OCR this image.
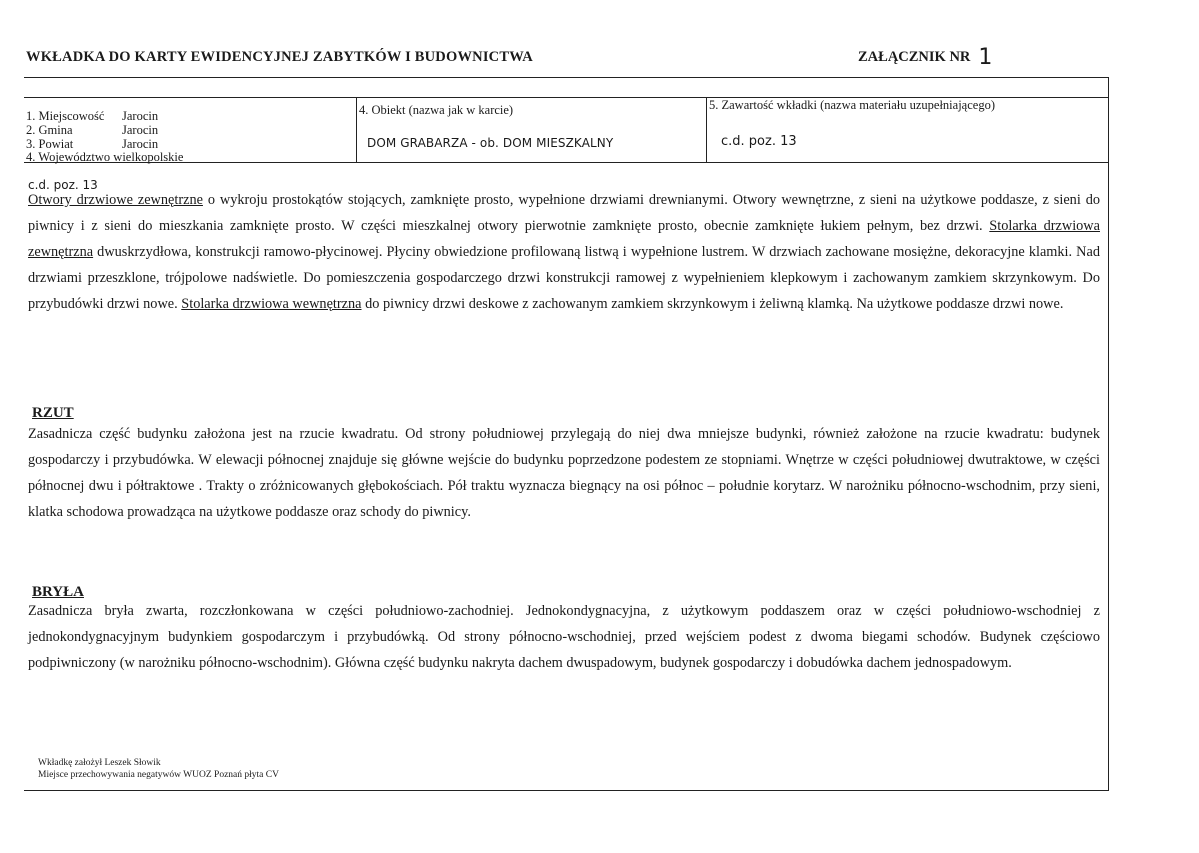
WKŁADKA DO KARTY EWIDENCYJNEJ ZABYTKÓW I BUDOWNICTWA	ZAŁĄCZNIK NR 1
1. Miejscowość Jarocin
2. Gmina	Jarocin
3. Powiat	Jarocin
4. Województwo wielkopolskie
4. Obiekt (nazwa jak w karcie)
DOM GRABARZA - ob. DOM MIESZKALNY
5. Zawartość wkładki (nazwa materiału uzupełniającego)
c.d. poz. 13
c.d. poz. 13
Otwory drzwiowe zewnętrzne o wykroju prostokątów stojących, zamknięte prosto, wypełnione drzwiami drewnianymi. Otwory wewnętrzne, z sieni na użytkowe poddasze, z sieni do piwnicy i z sieni do mieszkania zamknięte prosto. W części mieszkalnej otwory pierwotnie zamknięte prosto, obecnie zamknięte łukiem pełnym, bez drzwi. Stolarka drzwiowa zewnętrzna dwuskrzydłowa, konstrukcji ramowo-płycinowej. Płyciny obwiedzione profilowaną listwą i wypełnione lustrem. W drzwiach zachowane mosiężne, dekoracyjne klamki. Nad drzwiami przeszklone, trójpolowe nadświetle. Do pomieszczenia gospodarczego drzwi konstrukcji ramowej z wypełnieniem klepkowym i zachowanym zamkiem skrzynkowym. Do przybudówki drzwi nowe. Stolarka drzwiowa wewnętrzna do piwnicy drzwi deskowe z zachowanym zamkiem skrzynkowym i żeliwną klamką. Na użytkowe poddasze drzwi nowe.
RZUT
Zasadnicza część budynku założona jest na rzucie kwadratu. Od strony południowej przylegają do niej dwa mniejsze budynki, również założone na rzucie kwadratu: budynek gospodarczy i przybudówka. W elewacji północnej znajduje się główne wejście do budynku poprzedzone podestem ze stopniami. Wnętrze w części południowej dwutraktowe, w części północnej dwu i półtraktowe . Trakty o zróżnicowanych głębokościach. Pół traktu wyznacza biegnący na osi północ – południe korytarz. W narożniku północno-wschodnim, przy sieni, klatka schodowa prowadząca na użytkowe poddasze oraz schody do piwnicy.
BRYŁA
Zasadnicza bryła zwarta, rozczłonkowana w części południowo-zachodniej. Jednokondygnacyjna, z użytkowym poddaszem oraz w części południowo-wschodniej z jednokondygnacyjnym budynkiem gospodarczym i przybudówką. Od strony północno-wschodniej, przed wejściem podest z dwoma biegami schodów. Budynek częściowo podpiwniczony (w narożniku północno-wschodnim). Główna część budynku nakryta dachem dwuspadowym, budynek gospodarczy i dobudówka dachem jednospadowym.
Wkładkę założył Leszek Słowik
Miejsce przechowywania negatywów WUOZ Poznań płyta CV
